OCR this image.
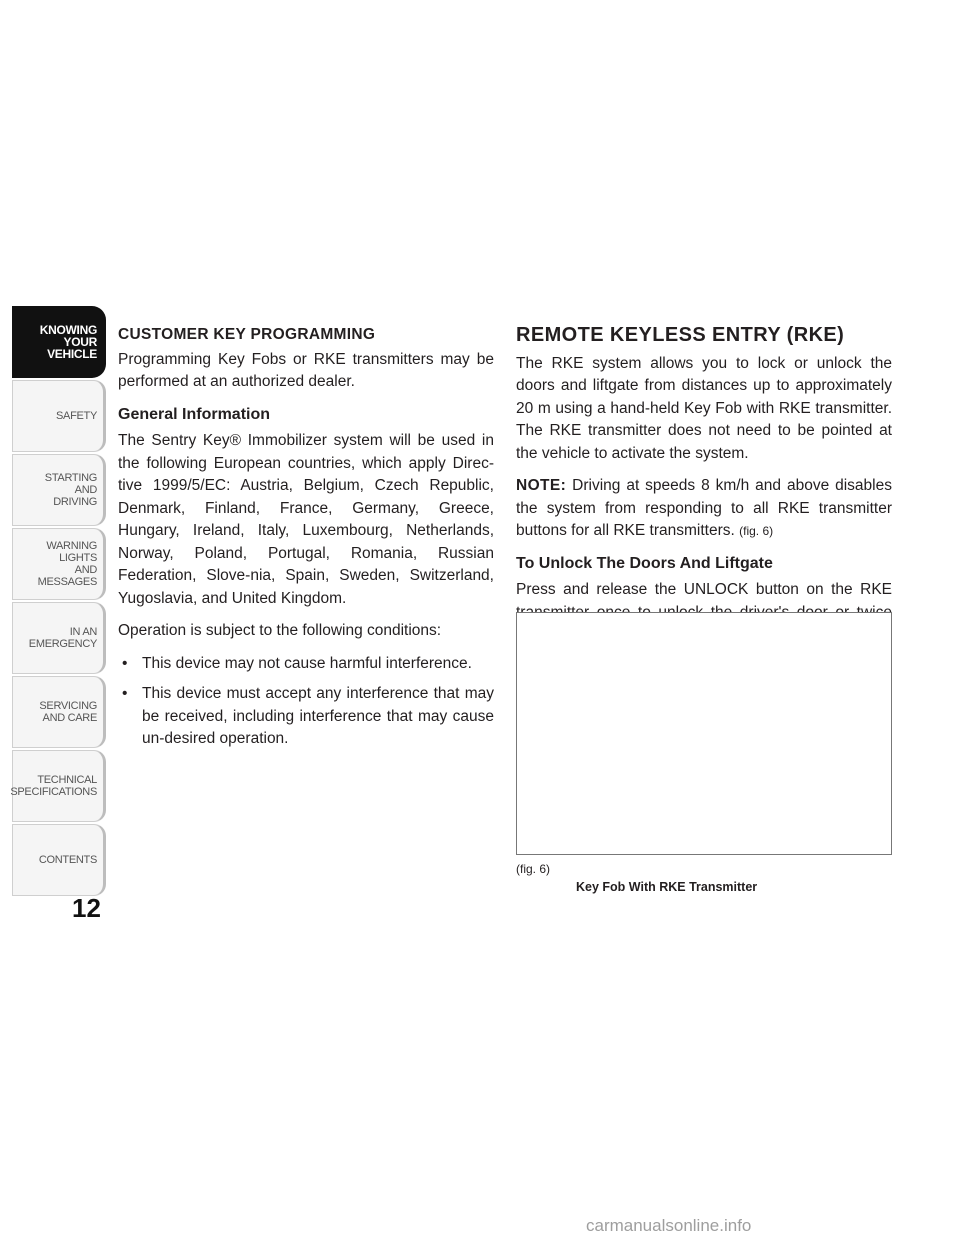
KNOWING
YOUR
VEHICLE
SAFETY
STARTING
AND
DRIVING
WARNING
LIGHTS
AND
MESSAGES
IN AN
EMERGENCY
SERVICING
AND CARE
TECHNICAL
SPECIFICATIONS
CONTENTS
12
CUSTOMER KEY PROGRAMMING

Programming Key Fobs or RKE transmitters may be performed at an authorized dealer.

General Information

The Sentry Key® Immobilizer system will be used in the following European countries, which apply Direc-tive 1999/5/EC: Austria, Belgium, Czech Republic, Denmark, Finland, France, Germany, Greece, Hungary, Ireland, Italy, Luxembourg, Netherlands, Norway, Poland, Portugal, Romania, Russian Federation, Slove-nia, Spain, Sweden, Switzerland, Yugoslavia, and United Kingdom.

Operation is subject to the following conditions:

• This device may not cause harmful interference.
• This device must accept any interference that may be received, including interference that may cause un-desired operation.
REMOTE KEYLESS ENTRY (RKE)

The RKE system allows you to lock or unlock the doors and liftgate from distances up to approximately 20 m using a hand-held Key Fob with RKE transmitter. The RKE transmitter does not need to be pointed at the vehicle to activate the system.

NOTE: Driving at speeds 8 km/h and above disables the system from responding to all RKE transmitter buttons for all RKE transmitters. (fig. 6)

To Unlock The Doors And Liftgate

Press and release the UNLOCK button on the RKE

(fig. 6)
Key Fob With RKE Transmitter
carmanualsonline.info
